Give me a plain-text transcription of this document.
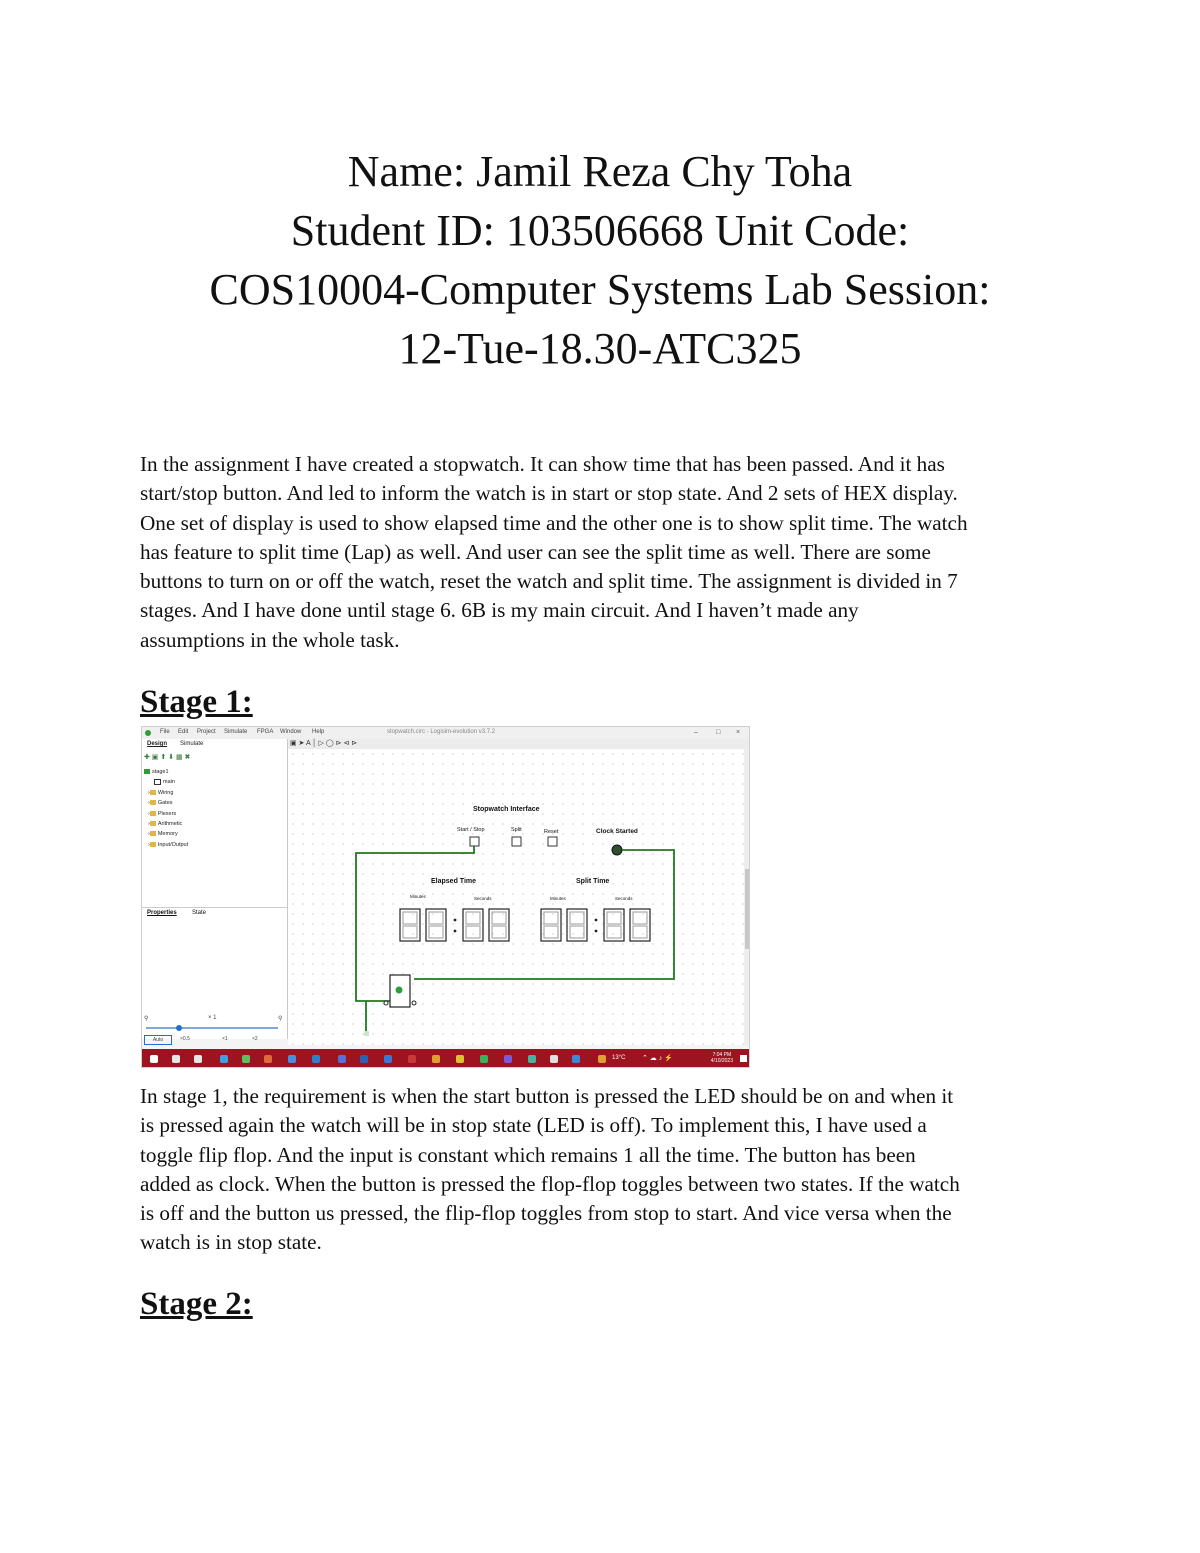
Name: Jamil Reza Chy Toha
Student ID: 103506668 Unit Code:
COS10004-Computer Systems Lab Session:
12-Tue-18.30-ATC325
In the assignment I have created a stopwatch. It can show time that has been passed. And it has
start/stop button. And led to inform the watch is in start or stop state. And 2 sets of HEX display.
One set of display is used to show elapsed time and the other one is to show split time. The watch
has feature to split time (Lap) as well. And user can see the split time as well. There are some
buttons to turn on or off the watch, reset the watch and split time. The assignment is divided in 7
stages. And I have done until stage 6. 6B is my main circuit. And I haven’t made any
assumptions in the whole task.
Stage 1:
File Edit Project Simulate FPGA Window Help	stopwatch.circ - Logisim-evolution v3.7.2	–	□ ×
Design Simulate
✚ ▣ ⬆ ⬇ ▦ ✖
stage1
main
Wiring
Gates
Plexers
Arithmetic
Memory
Input/Output
Properties	State
⚲	× 1	⚲
Auto	×0.5	×1	×2
▣ ➤ A │ ▷ ◯ ⊳ ⊲ ⊳
Stopwatch Interface
Start / Stop	Split	Reset	Clock Started
Elapsed Time	Split Time
Minutes	Seconds	Minutes	Seconds
13°C ⌃ ☁ ♪ ⚡	7:04 PM
4/10/2023
In stage 1, the requirement is when the start button is pressed the LED should be on and when it
is pressed again the watch will be in stop state (LED is off). To implement this, I have used a
toggle flip flop. And the input is constant which remains 1 all the time. The button has been
added as clock. When the button is pressed the flop-flop toggles between two states. If the watch
is off and the button us pressed, the flip-flop toggles from stop to start. And vice versa when the
watch is in stop state.
Stage 2:
